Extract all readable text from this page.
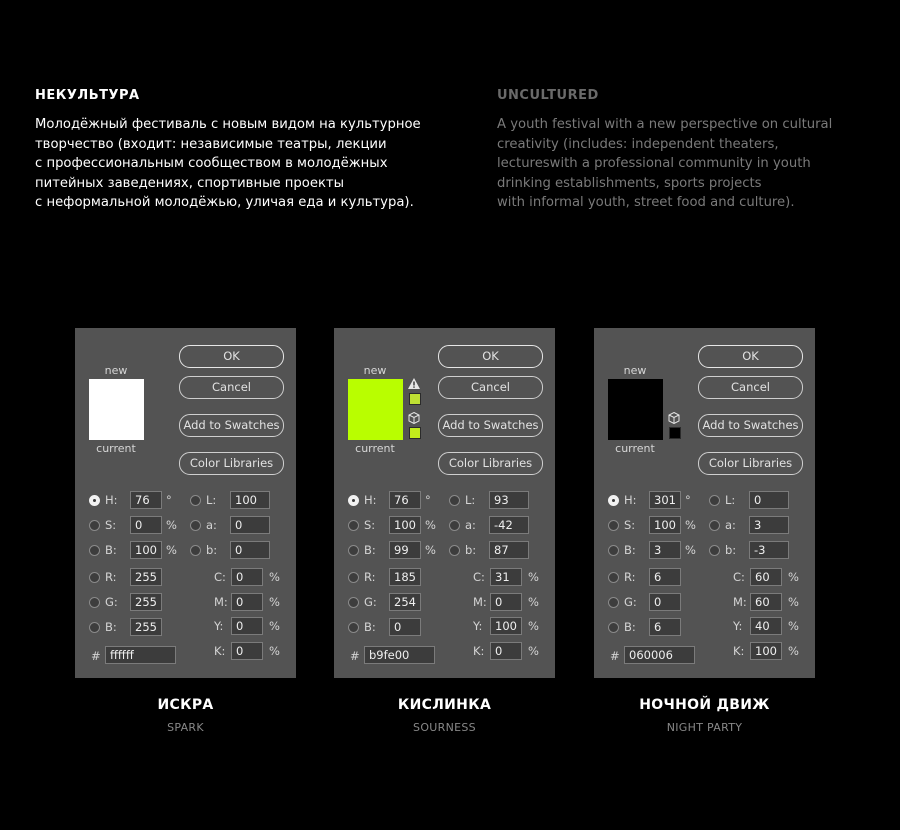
НЕКУЛЬТУРА
Молодёжный фестиваль с новым видом на культурное
творчество (входит: независимые театры, лекции
с профессиональным сообществом в молодёжных
питейных заведениях, спортивные проекты
с неформальной молодёжью, уличая еда и культура).
UNCULTURED
A youth festival with a new perspective on cultural
creativity (includes: independent theaters,
lectureswith a professional community in youth
drinking establishments, sports projects
with informal youth, street food and culture).
new
current
OK
Cancel
Add to Swatches
Color Libraries
H:	76	°	L:	100
S:	0	%	a:	0
B:	100 %	b:	0
R:	255
G:	255
B:	255
C: 0	%
M: 0	%
Y:	0	%
K: 0	%
# ffffff
ИСКРА
SPARK
new
current
OK
Cancel
Add to Swatches
Color Libraries
H:	76	°	L:	93
S:	100 %	a:	-42
B:	99	%	b:	87
R:	185
G:	254
B:	0
C: 31	%
M: 0	%
Y:	100 %
K: 0	%
# b9fe00
КИСЛИНКА
SOURNESS
new
current
OK
Cancel
Add to Swatches
Color Libraries
H:	301 °	L:	0
S:	100 %	a:	3
B:	3	%	b:	-3
R:	6
G:	0
B:	6
C: 60	%
M: 60	%
Y:	40	%
K: 100 %
# 060006
НОЧНОЙ ДВИЖ
NIGHT PARTY
